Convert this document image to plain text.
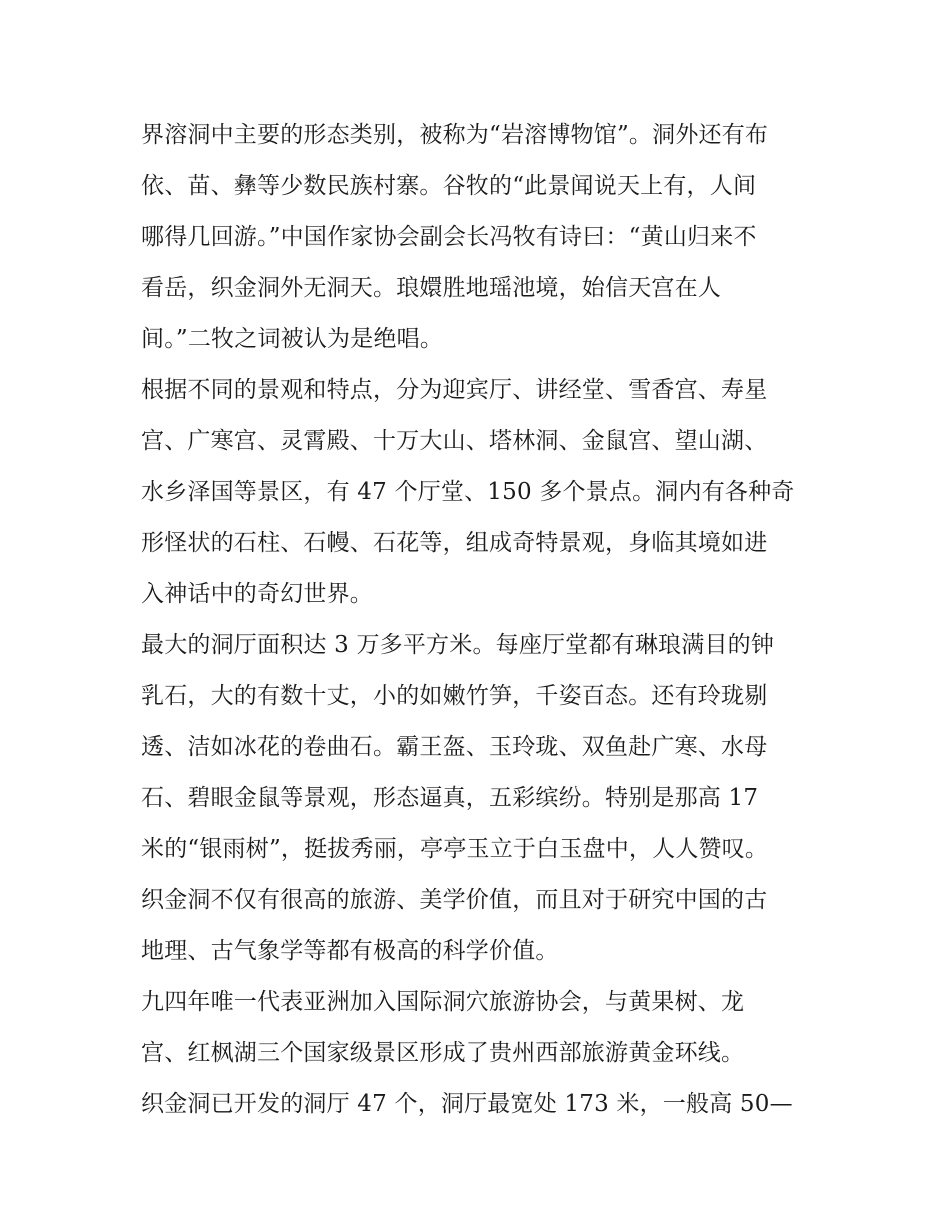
界溶洞中主要的形态类别，被称为“岩溶博物馆”。洞外还有布
依、苗、彝等少数民族村寨。谷牧的“此景闻说天上有，人间
哪得几回游。”中国作家协会副会长冯牧有诗曰：“黄山归来不
看岳，织金洞外无洞天。琅嬛胜地瑶池境，始信天宫在人
间。”二牧之词被认为是绝唱。
根据不同的景观和特点，分为迎宾厅、讲经堂、雪香宫、寿星
宫、广寒宫、灵霄殿、十万大山、塔林洞、金鼠宫、望山湖、
水乡泽国等景区，有 47 个厅堂、150 多个景点。洞内有各种奇
形怪状的石柱、石幔、石花等，组成奇特景观，身临其境如进
入神话中的奇幻世界。
最大的洞厅面积达 3 万多平方米。每座厅堂都有琳琅满目的钟
乳石，大的有数十丈，小的如嫩竹笋，千姿百态。还有玲珑剔
透、洁如冰花的卷曲石。霸王盔、玉玲珑、双鱼赴广寒、水母
石、碧眼金鼠等景观，形态逼真，五彩缤纷。特别是那高 17
米的“银雨树”，挺拔秀丽，亭亭玉立于白玉盘中，人人赞叹。
织金洞不仅有很高的旅游、美学价值，而且对于研究中国的古
地理、古气象学等都有极高的科学价值。
九四年唯一代表亚洲加入国际洞穴旅游协会，与黄果树、龙
宫、红枫湖三个国家级景区形成了贵州西部旅游黄金环线。
织金洞已开发的洞厅 47 个，洞厅最宽处 173 米，一般高 50—
